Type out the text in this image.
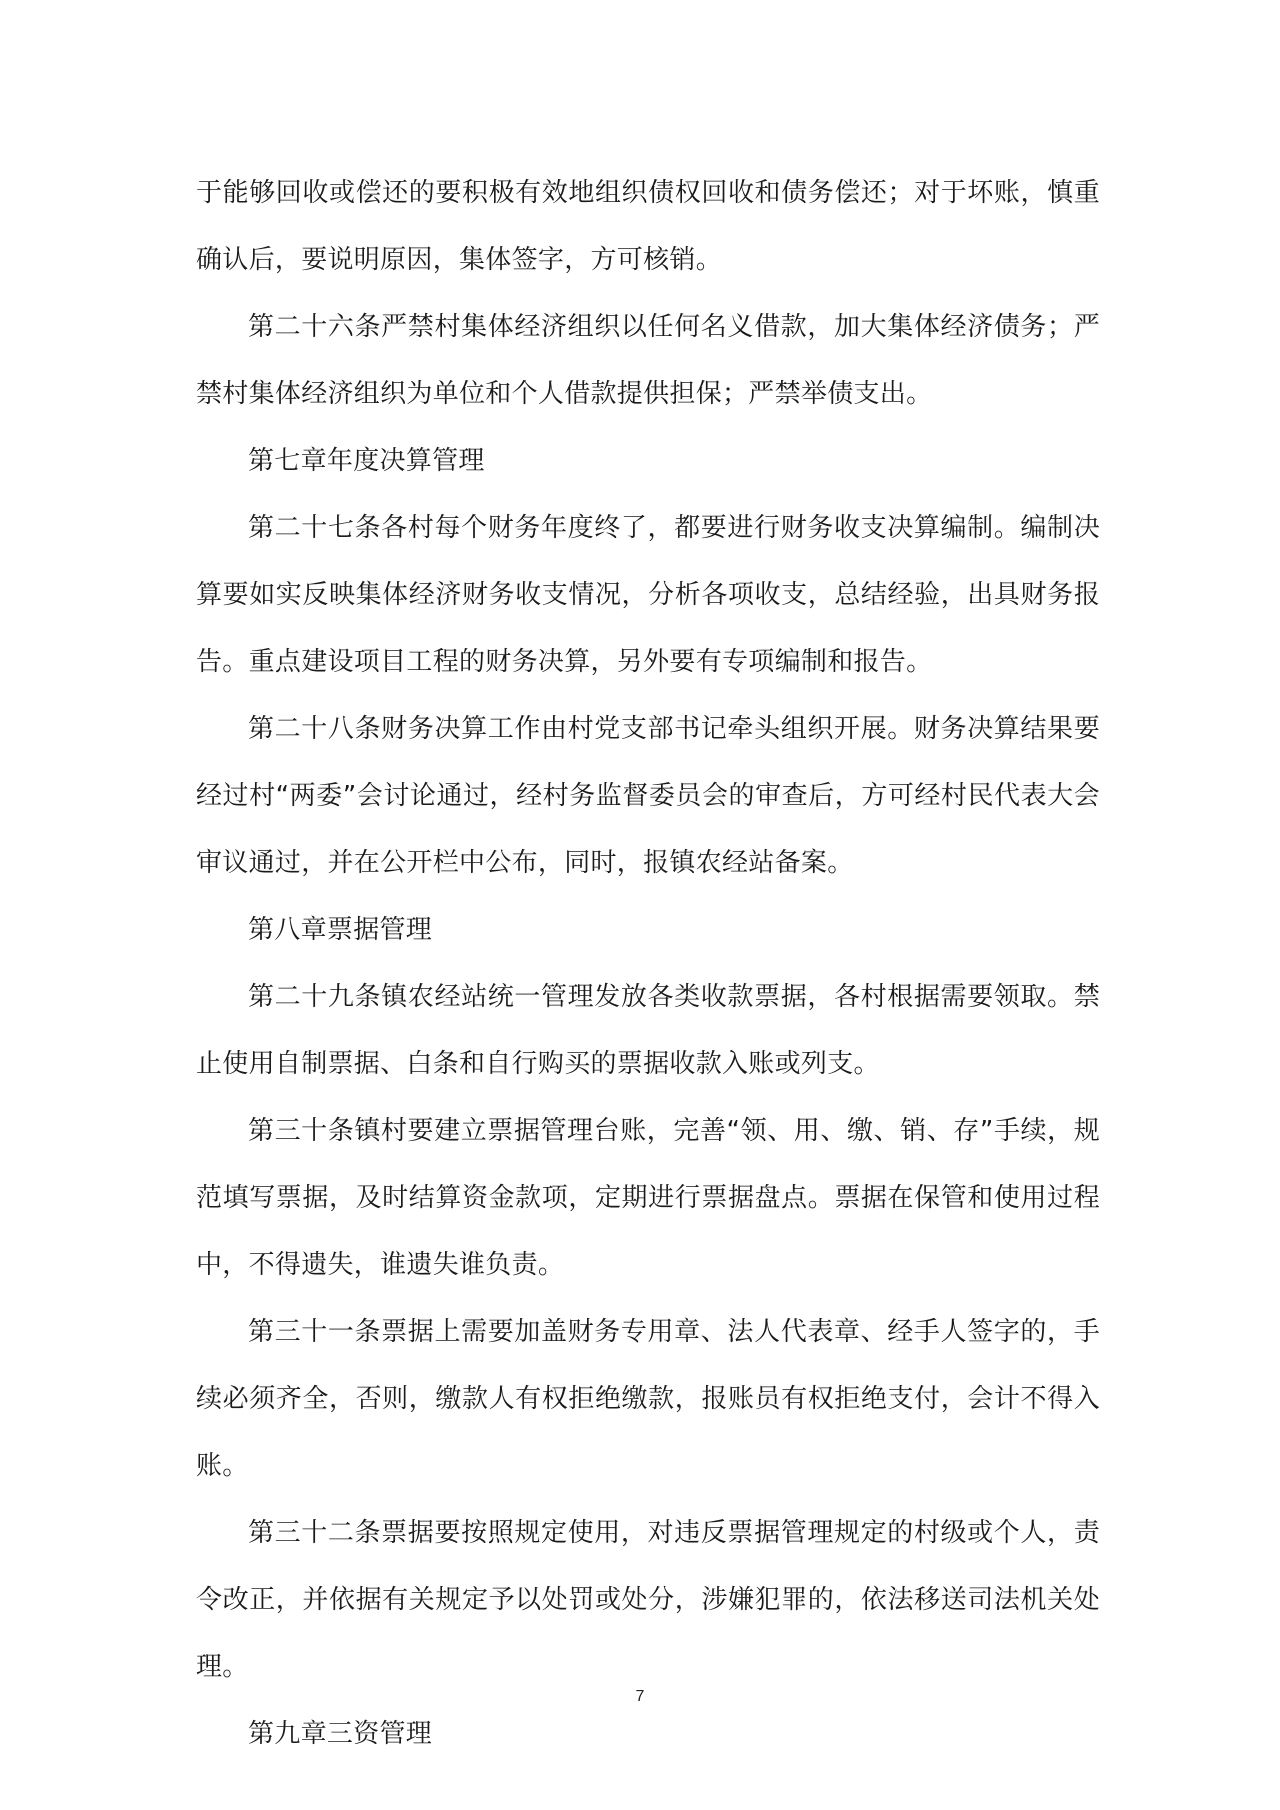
于能够回收或偿还的要积极有效地组织债权回收和债务偿还；对于坏账，慎重确认后，要说明原因，集体签字，方可核销。

第二十六条严禁村集体经济组织以任何名义借款，加大集体经济债务；严禁村集体经济组织为单位和个人借款提供担保；严禁举债支出。

第七章年度决算管理

第二十七条各村每个财务年度终了，都要进行财务收支决算编制。编制决算要如实反映集体经济财务收支情况，分析各项收支，总结经验，出具财务报告。重点建设项目工程的财务决算，另外要有专项编制和报告。

第二十八条财务决算工作由村党支部书记牵头组织开展。财务决算结果要经过村“两委”会讨论通过，经村务监督委员会的审查后，方可经村民代表大会审议通过，并在公开栏中公布，同时，报镇农经站备案。

第八章票据管理

第二十九条镇农经站统一管理发放各类收款票据，各村根据需要领取。禁止使用自制票据、白条和自行购买的票据收款入账或列支。

第三十条镇村要建立票据管理台账，完善“领、用、缴、销、存”手续，规范填写票据，及时结算资金款项，定期进行票据盘点。票据在保管和使用过程中，不得遗失，谁遗失谁负责。

第三十一条票据上需要加盖财务专用章、法人代表章、经手人签字的，手续必须齐全，否则，缴款人有权拒绝缴款，报账员有权拒绝支付，会计不得入账。

第三十二条票据要按照规定使用，对违反票据管理规定的村级或个人，责令改正，并依据有关规定予以处罚或处分，涉嫌犯罪的，依法移送司法机关处理。

第九章三资管理

7
